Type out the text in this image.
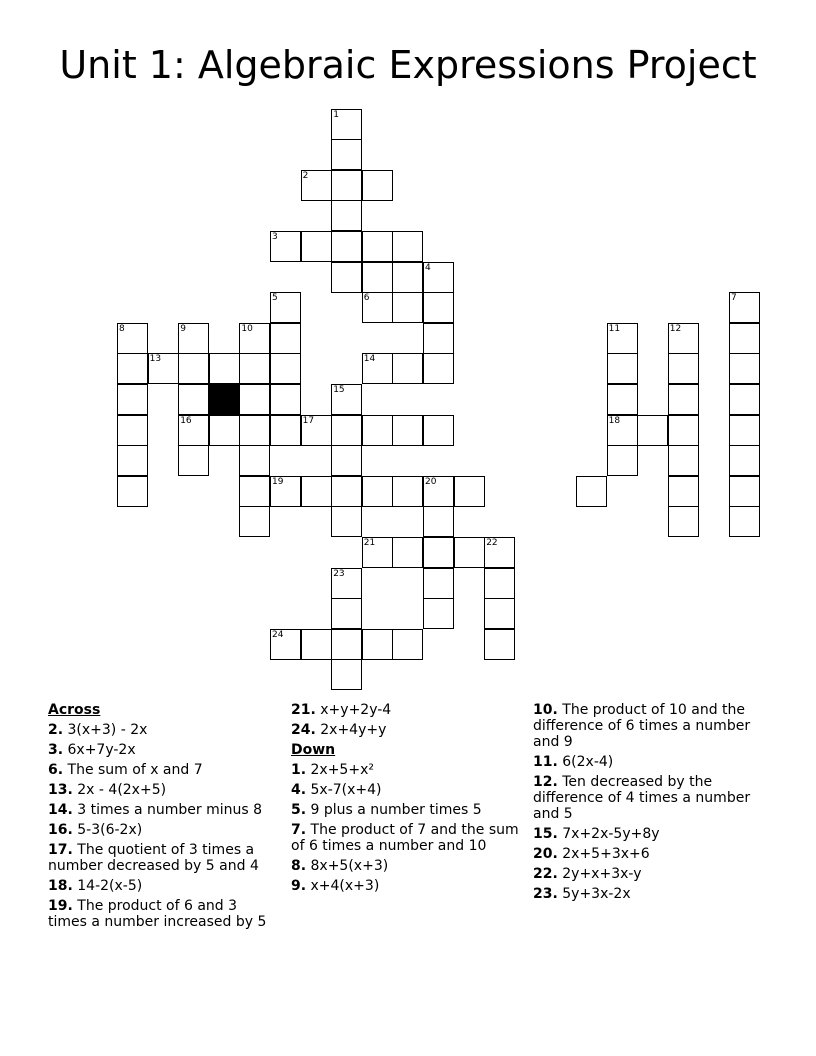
Unit 1: Algebraic Expressions Project
1
2
3
4
5	6	7
8	9	10	11	12
13	14
15
16	17	18
19	20
21	22
23
24
Across
2. 3(x+3) - 2x
3. 6x+7y-2x
6. The sum of x and 7
13. 2x - 4(2x+5)
14. 3 times a number minus 8
16. 5-3(6-2x)
17. The quotient of 3 times a number decreased by 5 and 4
18. 14-2(x-5)
19. The product of 6 and 3 times a number increased by 5
21. x+y+2y-4
24. 2x+4y+y
Down
1. 2x+5+x²
4. 5x-7(x+4)
5. 9 plus a number times 5
7. The product of 7 and the sum of 6 times a number and 10
8. 8x+5(x+3)
9. x+4(x+3)
10. The product of 10 and the difference of 6 times a number and 9
11. 6(2x-4)
12. Ten decreased by the difference of 4 times a number and 5
15. 7x+2x-5y+8y
20. 2x+5+3x+6
22. 2y+x+3x-y
23. 5y+3x-2x
